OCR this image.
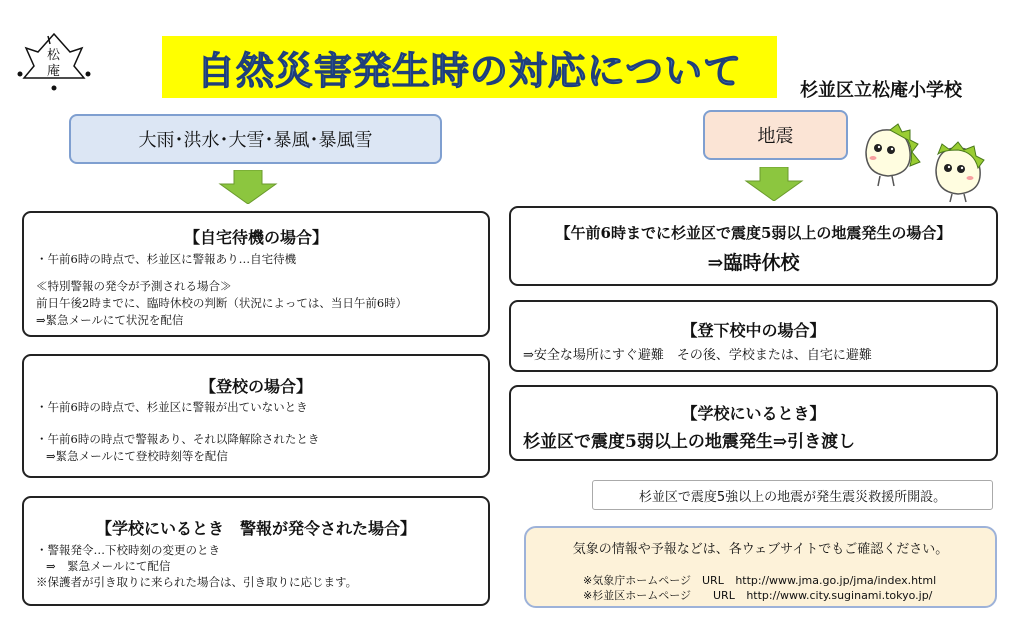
松
庵	自然災害発生時の対応について	杉並区立松庵小学校
大雨･洪水･大雪･暴風･暴風雪
【自宅待機の場合】
・午前6時の時点で、杉並区に警報あり…自宅待機
≪特別警報の発令が予測される場合≫
前日午後2時までに、臨時休校の判断（状況によっては、当日午前6時）
⇒緊急メールにて状況を配信
【登校の場合】
・午前6時の時点で、杉並区に警報が出ていないとき
・午前6時の時点で警報あり、それ以降解除されたとき
⇒緊急メールにて登校時刻等を配信
【学校にいるとき　警報が発令された場合】
・警報発令…下校時刻の変更のとき
⇒　緊急メールにて配信
※保護者が引き取りに来られた場合は、引き取りに応じます。
地震
【午前6時までに杉並区で震度5弱以上の地震発生の場合】
⇒臨時休校
【登下校中の場合】
⇒安全な場所にすぐ避難　その後、学校または、自宅に避難
【学校にいるとき】
杉並区で震度5弱以上の地震発生⇒引き渡し
杉並区で震度5強以上の地震が発生震災救援所開設。
気象の情報や予報などは、各ウェブサイトでもご確認ください。
※気象庁ホームページ　URL http://www.jma.go.jp/jma/index.html
※杉並区ホームページ　　URL http://www.city.suginami.tokyo.jp/
